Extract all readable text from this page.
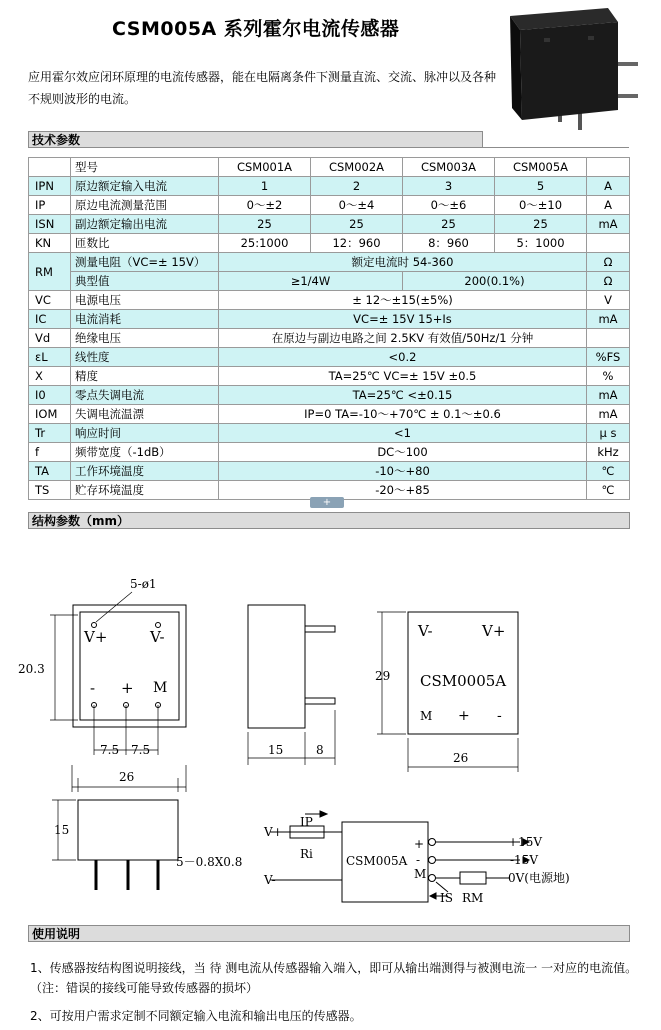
CSM005A 系列霍尔电流传感器
应用霍尔效应闭环原理的电流传感器，能在电隔离条件下测量直流、交流、脉冲以及各种不规则波形的电流。
技术参数
	型号	CSM001A	CSM002A	CSM003A	CSM005A	
IPN	原边额定输入电流	1	2	3	5	A
IP	原边电流测量范围	0～±2	0～±4	0～±6	0～±10	A
ISN	副边额定输出电流	25	25	25	25	mA
KN	匝数比	25:1000	12：960	8：960	5：1000	
RM	测量电阻（VC=± 15V）	额定电流时 54-360				Ω
	典型值	≥1/4W		200(0.1%)		Ω
VC	电源电压	± 12～±15(±5%)				V
IC	电流消耗	VC=± 15V 15+Is				mA
Vd	绝缘电压	在原边与副边电路之间 2.5KV 有效值/50Hz/1 分钟				
εL	线性度	<0.2				%FS
X	精度	TA=25℃ VC=± 15V ±0.5				%
I0	零点失调电流	TA=25℃ <±0.15				mA
IOM	失调电流温漂	IP=0 TA=-10～+70℃ ± 0.1～±0.6				mA
Tr	响应时间	<1				μ s
f	频带宽度（-1dB）	DC～100				kHz
TA	工作环境温度	-10～+80				℃
TS	贮存环境温度	-20～+85				℃
+
结构参数（mm）
5-ø1
V+	V-
- + M
20.3
7.5 7.5
26
15	8
V-	V+
CSM0005A
M + -
29
26
15
5－0.8X0.8
V+
V-
IP
Ri	CSM005A
+
-
M
+15V
-15V
0V(电源地)
IS RM
使用说明
1、传感器按结构图说明接线，当 待 测电流从传感器输入端入，即可从输出端测得与被测电流一 一对应的电流值。
（注：错误的接线可能导致传感器的损坏）
2、可按用户需求定制不同额定输入电流和输出电压的传感器。
